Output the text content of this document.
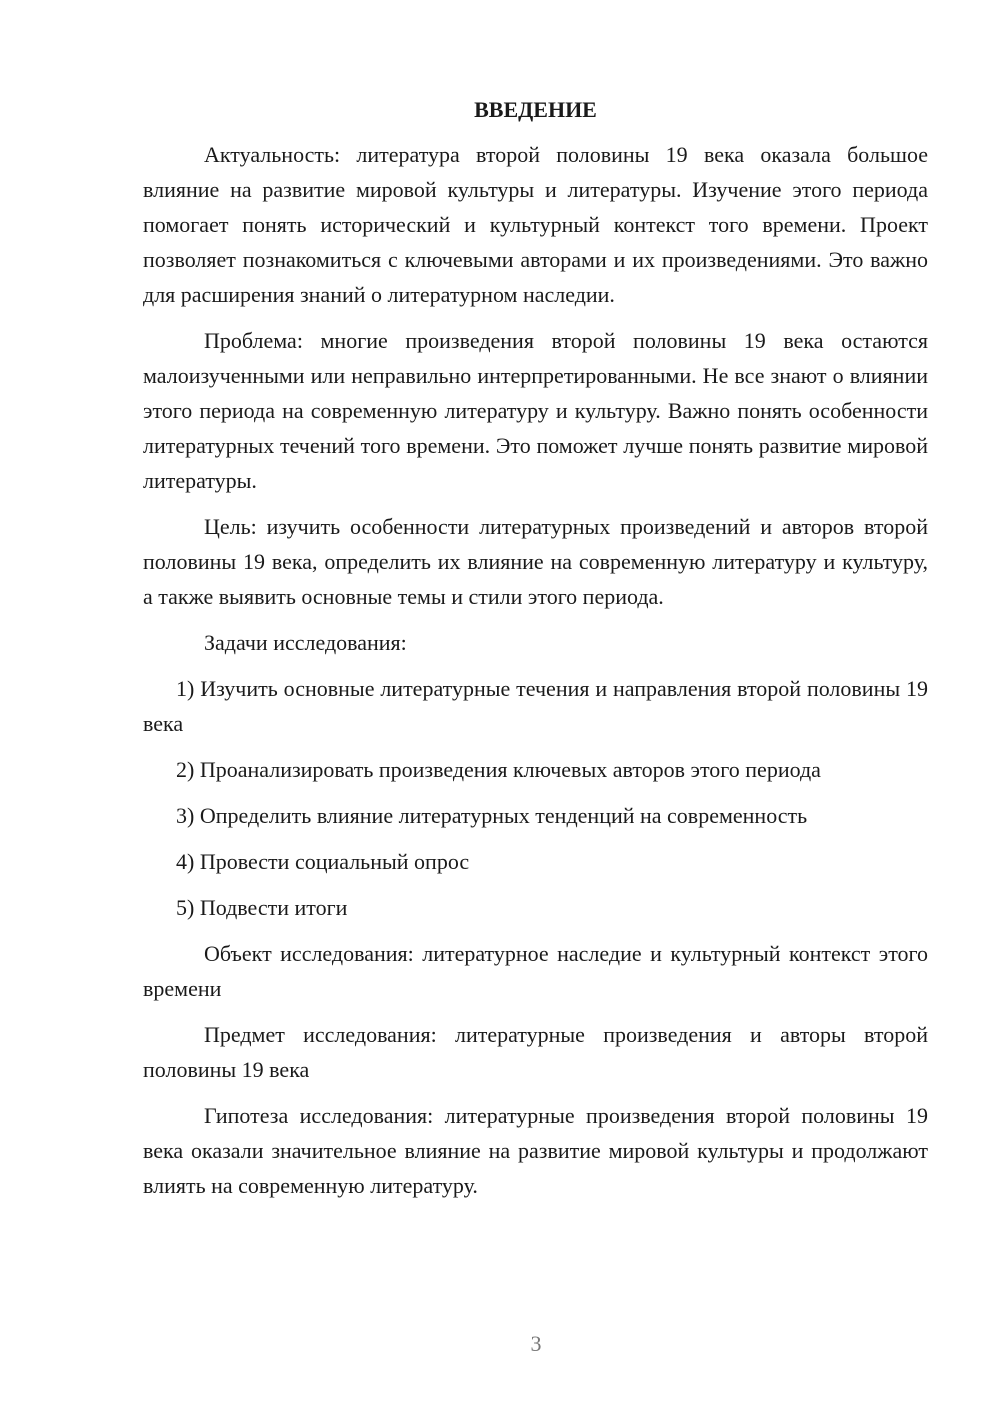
ВВЕДЕНИЕ

Актуальность: литература второй половины 19 века оказала большое влияние на развитие мировой культуры и литературы. Изучение этого периода помогает понять исторический и культурный контекст того времени. Проект позволяет познакомиться с ключевыми авторами и их произведениями. Это важно для расширения знаний о литературном наследии.

Проблема: многие произведения второй половины 19 века остаются малоизученными или неправильно интерпретированными. Не все знают о влиянии этого периода на современную литературу и культуру. Важно понять особенности литературных течений того времени. Это поможет лучше понять развитие мировой литературы.

Цель: изучить особенности литературных произведений и авторов второй половины 19 века, определить их влияние на современную литературу и культуру, а также выявить основные темы и стили этого периода.

Задачи исследования:

1) Изучить основные литературные течения и направления второй половины 19 века
2) Проанализировать произведения ключевых авторов этого периода
3) Определить влияние литературных тенденций на современность
4) Провести социальный опрос
5) Подвести итоги

Объект исследования: литературное наследие и культурный контекст этого времени

Предмет исследования: литературные произведения и авторы второй половины 19 века

Гипотеза исследования: литературные произведения второй половины 19 века оказали значительное влияние на развитие мировой культуры и продолжают влиять на современную литературу.

3
